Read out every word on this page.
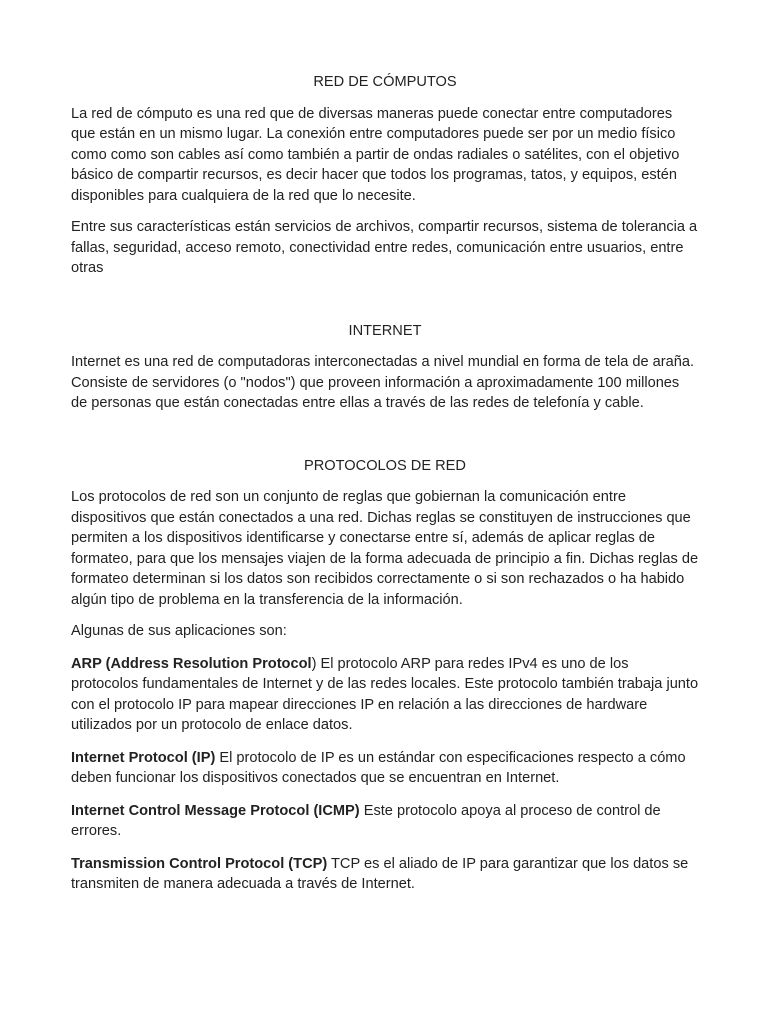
RED DE CÓMPUTOS

La red de cómputo es una red que de diversas maneras puede conectar entre computadores que están en un mismo lugar. La conexión entre computadores puede ser por un medio físico como como son cables así como también a partir de ondas radiales o satélites, con el objetivo básico de compartir recursos, es decir hacer que todos los programas, tatos, y equipos, estén disponibles para cualquiera de la red que lo necesite.

Entre sus características están servicios de archivos, compartir recursos, sistema de tolerancia a fallas, seguridad, acceso remoto, conectividad entre redes, comunicación entre usuarios, entre otras

INTERNET

Internet es una red de computadoras interconectadas a nivel mundial en forma de tela de araña. Consiste de servidores (o "nodos") que proveen información a aproximadamente 100 millones de personas que están conectadas entre ellas a través de las redes de telefonía y cable.

PROTOCOLOS DE RED

Los protocolos de red son un conjunto de reglas que gobiernan la comunicación entre dispositivos que están conectados a una red. Dichas reglas se constituyen de instrucciones que permiten a los dispositivos identificarse y conectarse entre sí, además de aplicar reglas de formateo, para que los mensajes viajen de la forma adecuada de principio a fin. Dichas reglas de formateo determinan si los datos son recibidos correctamente o si son rechazados o ha habido algún tipo de problema en la transferencia de la información.

Algunas de sus aplicaciones son:

ARP (Address Resolution Protocol) El protocolo ARP para redes IPv4 es uno de los protocolos fundamentales de Internet y de las redes locales. Este protocolo también trabaja junto con el protocolo IP para mapear direcciones IP en relación a las direcciones de hardware utilizados por un protocolo de enlace datos.

Internet Protocol (IP) El protocolo de IP es un estándar con especificaciones respecto a cómo deben funcionar los dispositivos conectados que se encuentran en Internet.

Internet Control Message Protocol (ICMP) Este protocolo apoya al proceso de control de errores.

Transmission Control Protocol (TCP) TCP es el aliado de IP para garantizar que los datos se transmiten de manera adecuada a través de Internet.
